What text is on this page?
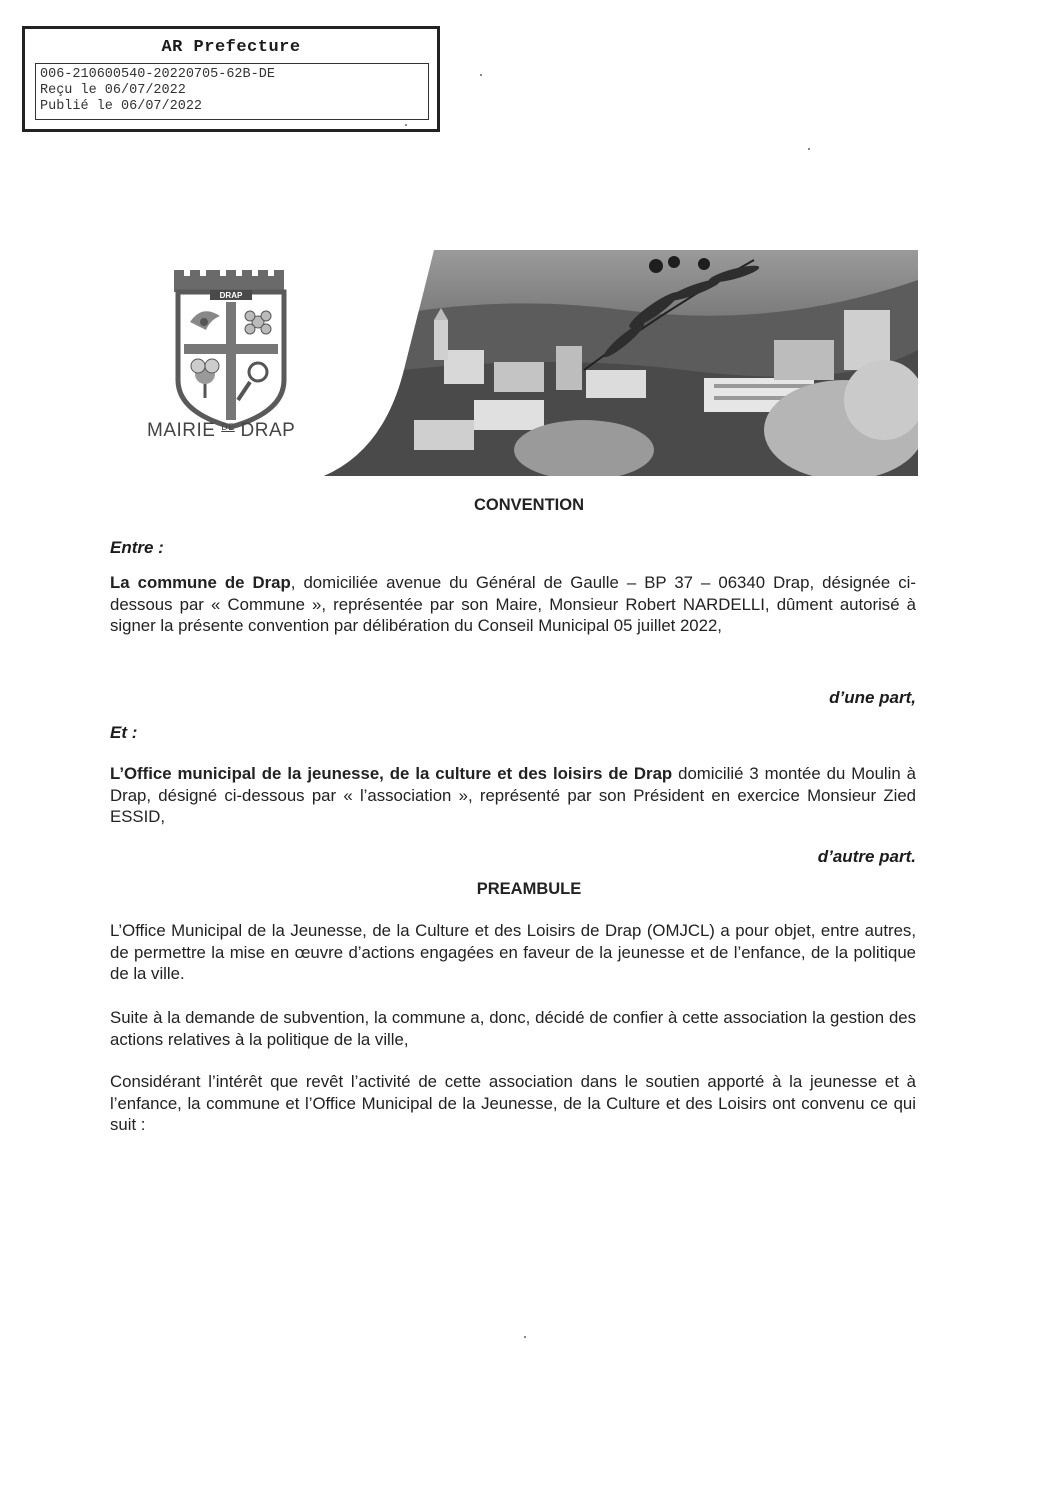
AR Prefecture
006-210600540-20220705-62B-DE
Reçu le 06/07/2022
Publié le 06/07/2022
DRAP
MAIRIE $^{DE}$ DRAP
CONVENTION
Entre :
La commune de Drap, domiciliée avenue du Général de Gaulle – BP 37 – 06340 Drap, désignée ci-dessous par « Commune », représentée par son Maire, Monsieur Robert NARDELLI, dûment autorisé à signer la présente convention par délibération du Conseil Municipal 05 juillet 2022,
d’une part,
Et :
L’Office municipal de la jeunesse, de la culture et des loisirs de Drap domicilié 3 montée du Moulin à Drap, désigné ci-dessous par « l’association », représenté par son Président en exercice Monsieur Zied ESSID,
d’autre part.
PREAMBULE
L’Office Municipal de la Jeunesse, de la Culture et des Loisirs de Drap (OMJCL) a pour objet, entre autres, de permettre la mise en œuvre d’actions engagées en faveur de la jeunesse et de l’enfance, de la politique de la ville.
Suite à la demande de subvention, la commune a, donc, décidé de confier à cette association la gestion des actions relatives à la politique de la ville,
Considérant l’intérêt que revêt l’activité de cette association dans le soutien apporté à la jeunesse et à l’enfance, la commune et l’Office Municipal de la Jeunesse, de la Culture et des Loisirs ont convenu ce qui suit :
